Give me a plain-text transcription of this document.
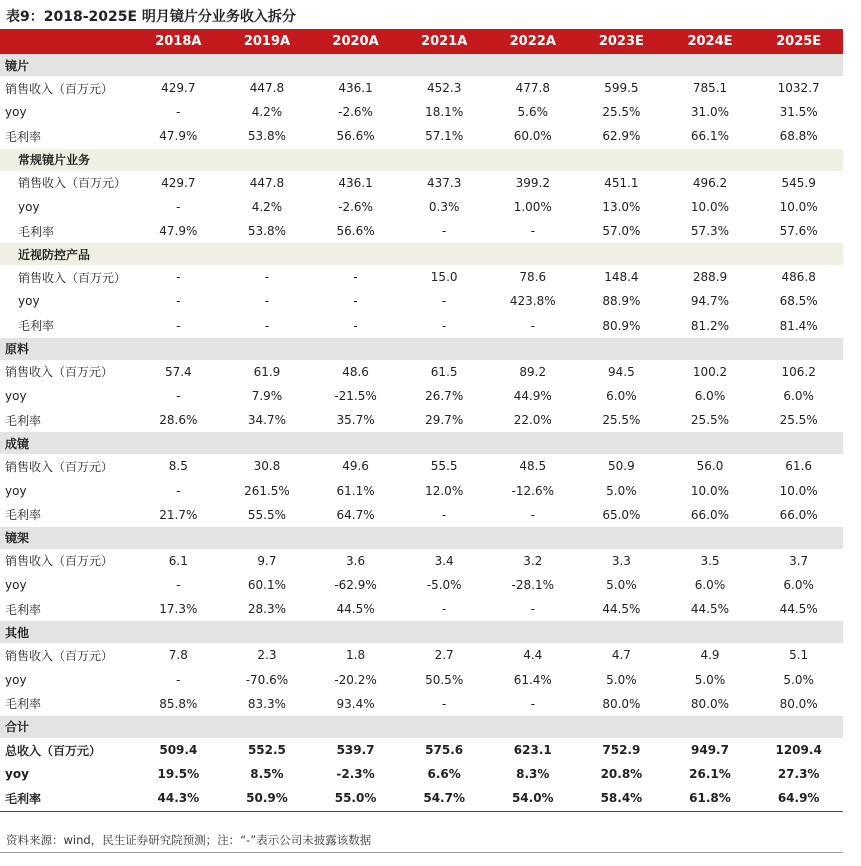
表9：2018-2025E 明月镜片分业务收入拆分
	2018A	2019A	2020A	2021A	2022A	2023E	2024E	2025E
镜片								
销售收入（百万元）	429.7	447.8	436.1	452.3	477.8	599.5	785.1	1032.7
yoy	-	4.2%	-2.6%	18.1%	5.6%	25.5%	31.0%	31.5%
毛利率	47.9%	53.8%	56.6%	57.1%	60.0%	62.9%	66.1%	68.8%
常规镜片业务								
销售收入（百万元）	429.7	447.8	436.1	437.3	399.2	451.1	496.2	545.9
yoy	-	4.2%	-2.6%	0.3%	1.00%	13.0%	10.0%	10.0%
毛利率	47.9%	53.8%	56.6%	-	-	57.0%	57.3%	57.6%
近视防控产品								
销售收入（百万元）	-	-	-	15.0	78.6	148.4	288.9	486.8
yoy	-	-	-	-	423.8%	88.9%	94.7%	68.5%
毛利率	-	-	-	-	-	80.9%	81.2%	81.4%
原料								
销售收入（百万元）	57.4	61.9	48.6	61.5	89.2	94.5	100.2	106.2
yoy	-	7.9%	-21.5%	26.7%	44.9%	6.0%	6.0%	6.0%
毛利率	28.6%	34.7%	35.7%	29.7%	22.0%	25.5%	25.5%	25.5%
成镜								
销售收入（百万元）	8.5	30.8	49.6	55.5	48.5	50.9	56.0	61.6
yoy	-	261.5%	61.1%	12.0%	-12.6%	5.0%	10.0%	10.0%
毛利率	21.7%	55.5%	64.7%	-	-	65.0%	66.0%	66.0%
镜架								
销售收入（百万元）	6.1	9.7	3.6	3.4	3.2	3.3	3.5	3.7
yoy	-	60.1%	-62.9%	-5.0%	-28.1%	5.0%	6.0%	6.0%
毛利率	17.3%	28.3%	44.5%	-	-	44.5%	44.5%	44.5%
其他								
销售收入（百万元）	7.8	2.3	1.8	2.7	4.4	4.7	4.9	5.1
yoy	-	-70.6%	-20.2%	50.5%	61.4%	5.0%	5.0%	5.0%
毛利率	85.8%	83.3%	93.4%	-	-	80.0%	80.0%	80.0%
合计								
总收入（百万元）	509.4	552.5	539.7	575.6	623.1	752.9	949.7	1209.4
yoy	19.5%	8.5%	-2.3%	6.6%	8.3%	20.8%	26.1%	27.3%
毛利率	44.3%	50.9%	55.0%	54.7%	54.0%	58.4%	61.8%	64.9%
资料来源：wind，民生证券研究院预测；注：“-”表示公司未披露该数据
